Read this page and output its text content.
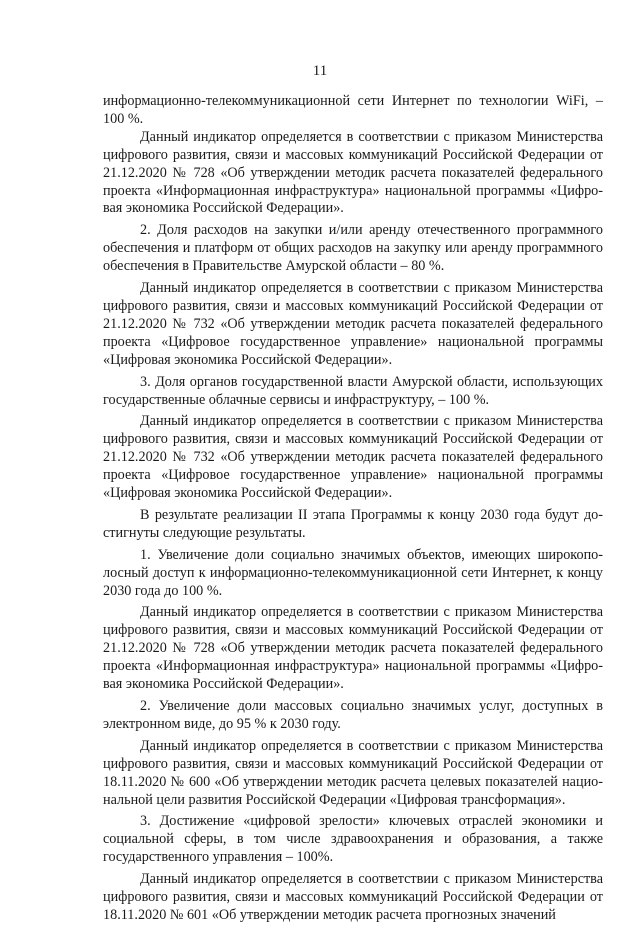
11

информационно-телекоммуникационной сети Интернет по технологии WiFi, – 100 %.

Данный индикатор определяется в соответствии с приказом Министерства цифрового развития, связи и массовых коммуникаций Российской Федерации от 21.12.2020 № 728 «Об утверждении методик расчета показателей федерального проекта «Информационная инфраструктура» национальной программы «Цифровая экономика Российской Федерации».

2. Доля расходов на закупки и/или аренду отечественного программного обеспечения и платформ от общих расходов на закупку или аренду программного обеспечения в Правительстве Амурской области – 80 %.

Данный индикатор определяется в соответствии с приказом Министерства цифрового развития, связи и массовых коммуникаций Российской Федерации от 21.12.2020 № 732 «Об утверждении методик расчета показателей федерального проекта «Цифровое государственное управление» национальной программы «Цифровая экономика Российской Федерации».

3. Доля органов государственной власти Амурской области, использующих государственные облачные сервисы и инфраструктуру, – 100 %.

Данный индикатор определяется в соответствии с приказом Министерства цифрового развития, связи и массовых коммуникаций Российской Федерации от 21.12.2020 № 732 «Об утверждении методик расчета показателей федерального проекта «Цифровое государственное управление» национальной программы «Цифровая экономика Российской Федерации».

В результате реализации II этапа Программы к концу 2030 года будут достигнуты следующие результаты.

1. Увеличение доли социально значимых объектов, имеющих широкополосный доступ к информационно-телекоммуникационной сети Интернет, к концу 2030 года до 100 %.

Данный индикатор определяется в соответствии с приказом Министерства цифрового развития, связи и массовых коммуникаций Российской Федерации от 21.12.2020 № 728 «Об утверждении методик расчета показателей федерального проекта «Информационная инфраструктура» национальной программы «Цифровая экономика Российской Федерации».

2. Увеличение доли массовых социально значимых услуг, доступных в электронном виде, до 95 % к 2030 году.

Данный индикатор определяется в соответствии с приказом Министерства цифрового развития, связи и массовых коммуникаций Российской Федерации от 18.11.2020 № 600 «Об утверждении методик расчета целевых показателей национальной цели развития Российской Федерации «Цифровая трансформация».

3. Достижение «цифровой зрелости» ключевых отраслей экономики и социальной сферы, в том числе здравоохранения и образования, а также государственного управления – 100%.

Данный индикатор определяется в соответствии с приказом Министерства цифрового развития, связи и массовых коммуникаций Российской Федерации от 18.11.2020 № 601 «Об утверждении методик расчета прогнозных значений
